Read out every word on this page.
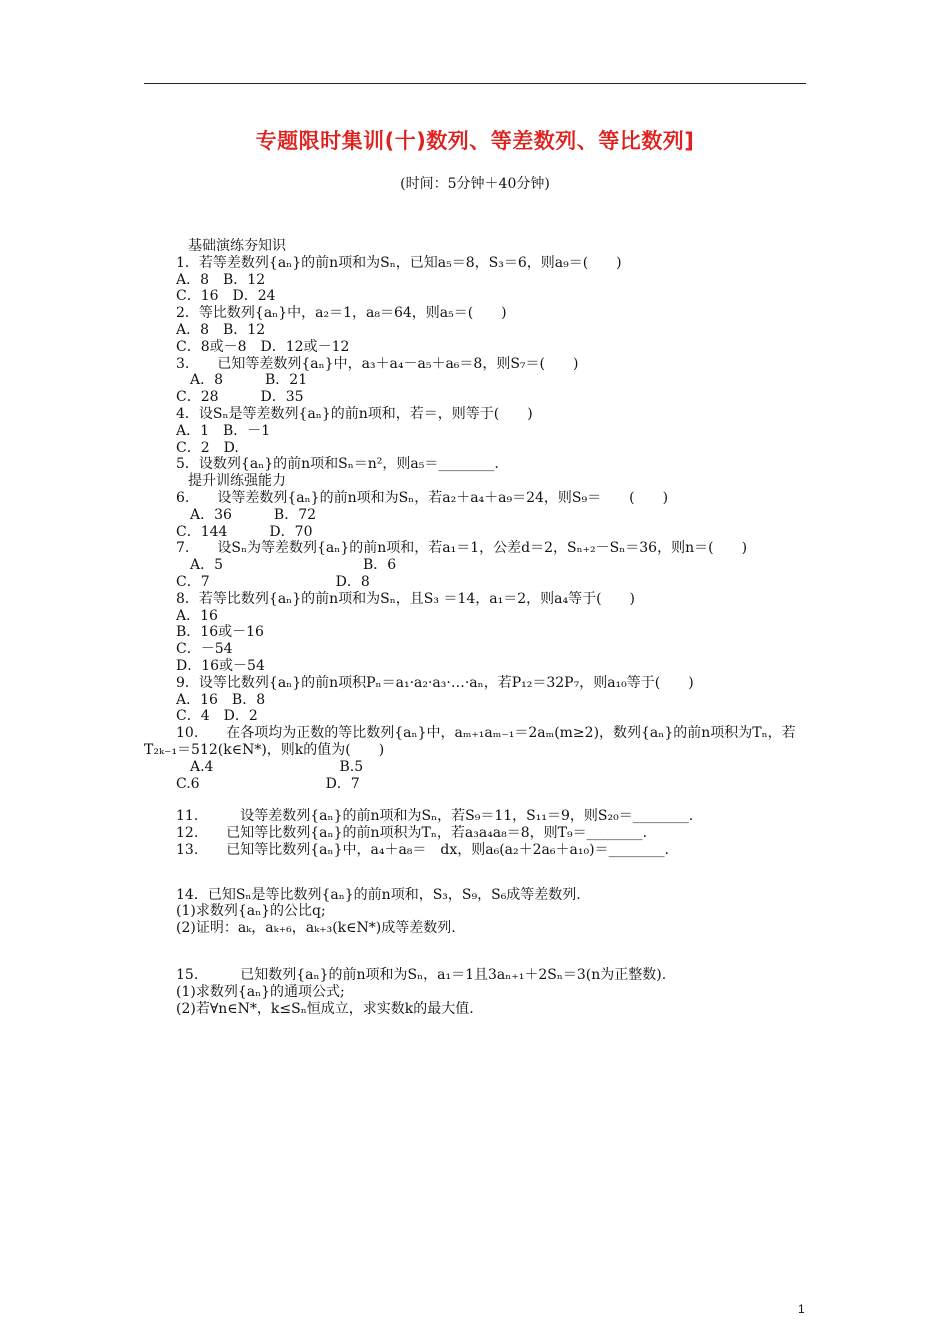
专题限时集训(十)数列、等差数列、等比数列]
(时间：5分钟＋40分钟)
基础演练夯知识
1．若等差数列{aₙ}的前n项和为Sₙ，已知a₅＝8，S₃＝6，则a₉＝(　　)
A．8　B．12
C．16　D．24
2．等比数列{aₙ}中，a₂＝1，a₈＝64，则a₅＝(　　)
A．8　B．12
C．8或－8　D．12或－12
3.　　已知等差数列{aₙ}中，a₃＋a₄－a₅＋a₆＝8，则S₇＝(　　)
　A．8　　　B．21
C．28　　　D．35
4．设Sₙ是等差数列{aₙ}的前n项和，若＝，则等于(　　)
A．1　B．－1
C．2　D.
5．设数列{aₙ}的前n项和Sₙ＝n²，则a₅＝________.
提升训练强能力
6.　　设等差数列{aₙ}的前n项和为Sₙ，若a₂＋a₄＋a₉＝24，则S₉＝　　(　　)
　A．36　　　B．72
C．144　　　D．70
7.　　设Sₙ为等差数列{aₙ}的前n项和，若a₁＝1，公差d＝2，Sₙ₊₂－Sₙ＝36，则n＝(　　)
　A．5　　　　　　　　　　B．6
C．7　　　　　　　　　D．8
8．若等比数列{aₙ}的前n项和为Sₙ，且S₃ ＝14，a₁＝2，则a₄等于(　　)
A．16
B．16或－16
C．－54
D．16或－54
9．设等比数列{aₙ}的前n项积Pₙ＝a₁·a₂·a₃·…·aₙ，若P₁₂＝32P₇，则a₁₀等于(　　)
A．16　B．8
C．4　D．2
10.　　在各项均为正数的等比数列{aₙ}中，aₘ₊₁aₘ₋₁＝2aₘ(m≥2)，数列{aₙ}的前n项积为Tₙ，若T₂ₖ₋₁＝512(k∈N*)，则k的值为(　　)
　A.4　　　　　　　　　B.5
C.6　　　　　　　　　D．7
11.　　　设等差数列{aₙ}的前n项和为Sₙ，若S₉＝11，S₁₁＝9，则S₂₀＝________.
12.　　已知等比数列{aₙ}的前n项积为Tₙ，若a₃a₄a₈＝8，则T₉＝________.
13.　　已知等比数列{aₙ}中，a₄＋a₈＝　dx，则a₆(a₂＋2a₆＋a₁₀)＝________.
14．已知Sₙ是等比数列{aₙ}的前n项和，S₃，S₉，S₆成等差数列.
(1)求数列{aₙ}的公比q;
(2)证明：aₖ，aₖ₊₆，aₖ₊₃(k∈N*)成等差数列.
15.　　　已知数列{aₙ}的前n项和为Sₙ，a₁＝1且3aₙ₊₁＋2Sₙ＝3(n为正整数).
(1)求数列{aₙ}的通项公式;
(2)若∀n∈N*，k≤Sₙ恒成立，求实数k的最大值.
1
